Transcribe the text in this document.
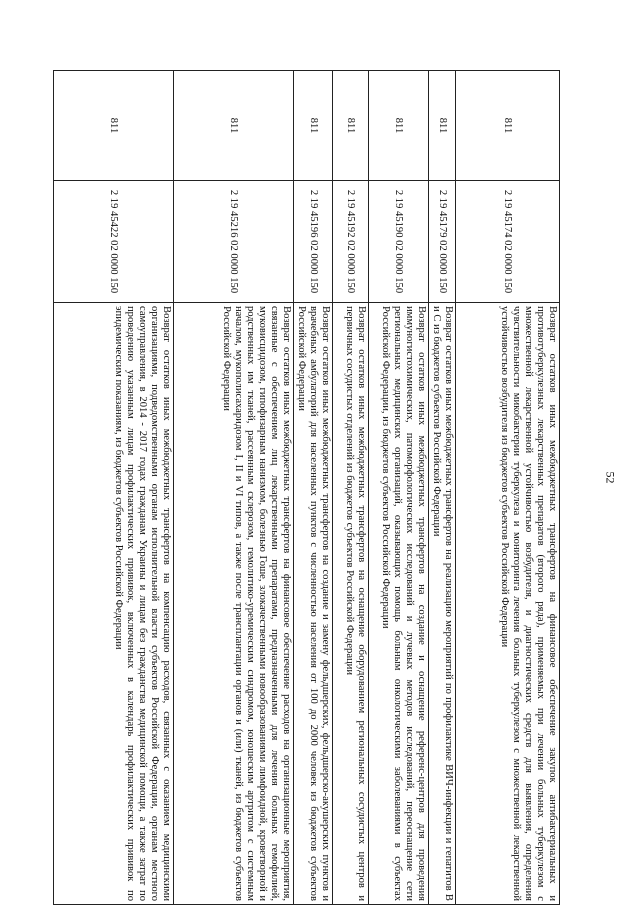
52
811	2 19 45174 02 0000 150	Возврат остатков иных межбюджетных трансфертов на финансовое обеспечение закупок антибактериальных и противотуберкулезных лекарственных препаратов (второго ряда), применяемых при лечении больных туберкулезом с множественной лекарственной устойчивостью возбудителя, и диагностических средств для выявления, определения чувствительности микобактерии туберкулеза и мониторинга лечения больных туберкулезом с множественной лекарственной устойчивостью возбудителя из бюджетов субъектов Российской Федерации
811	2 19 45179 02 0000 150	Возврат остатков иных межбюджетных трансфертов на реализацию мероприятий по профилактике ВИЧ-инфекции и гепатитов В и С из бюджетов субъектов Российской Федерации
811	2 19 45190 02 0000 150	Возврат остатков иных межбюджетных трансфертов на создание и оснащение референс-центров для проведения иммуногистохимических, патоморфологических исследований и лучевых методов исследований, переоснащение сети региональных медицинских организаций, оказывающих помощь больным онкологическими заболеваниями в субъектах Российской Федерации, из бюджетов субъектов Российской Федерации
811	2 19 45192 02 0000 150	Возврат остатков иных межбюджетных трансфертов на оснащение оборудованием региональных сосудистых центров и первичных сосудистых отделений из бюджетов субъектов Российской Федерации
811	2 19 45196 02 0000 150	Возврат остатков иных межбюджетных трансфертов на создание и замену фельдшерских, фельдшерско-акушерских пунктов и врачебных амбулаторий для населенных пунктов с численностью населения от 100 до 2000 человек из бюджетов субъектов Российской Федерации
811	2 19 45216 02 0000 150	Возврат остатков иных межбюджетных трансфертов на финансовое обеспечение расходов на организационные мероприятия, связанные с обеспечением лиц лекарственными препаратами, предназначенными для лечения больных гемофилией, муковисцидозом, гипофизарным нанизмом, болезнью Гоше, злокачественными новообразованиями лимфоидной, кроветворной и родственных им тканей, рассеянным склерозом, гемолитико-уремическим синдромом, юношеским артритом с системным началом, мукополисахаридозом I, II и VI типов, а также после трансплантации органов и (или) тканей, из бюджетов субъектов Российской Федерации
811	2 19 45422 02 0000 150	Возврат остатков иных межбюджетных трансфертов на компенсацию расходов, связанных с оказанием медицинскими организациями, подведомственными органам исполнительной власти субъектов Российской Федерации, органам местного самоуправления, в 2014 - 2017 годах гражданам Украины и лицам без гражданства медицинской помощи, а также затрат по проведению указанным лицам профилактических прививок, включенных в календарь профилактических прививок по эпидемическим показаниям, из бюджетов субъектов Российской Федерации
